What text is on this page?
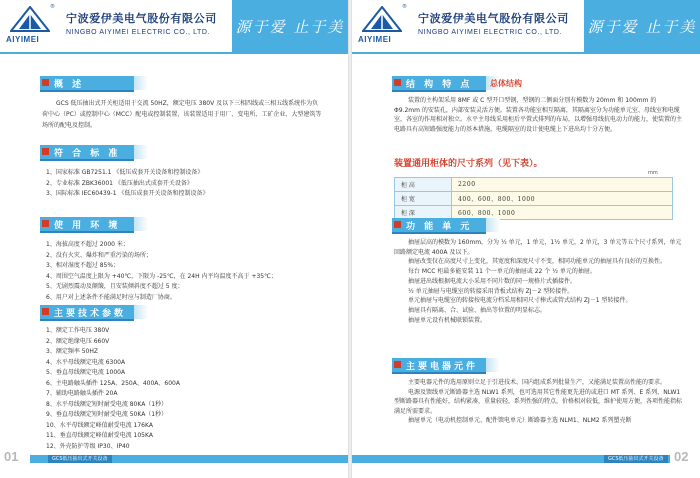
®
AIYIMEI
宁波爱伊美电气股份有限公司
NINGBO AIYIMEI ELECTRIC CO., LTD. 源于爱 止于美
概 述
GCS 低压抽出式开关柜适用于交流 50HZ，额定电压 380V 及以下三相四线或三相五线系统作为负荷中心（PC）或控制中心（MCC）配电或控制装置，该装置适用于用厂、变电所、工矿企业、大型建筑等场所的配电及控制。
符 合 标 准
1、国家标准 GB7251.1 《低压成套开关设备和控制设备》
2、专业标准 ZBK36001 《低压抽出式成套开关设备》
3、国际标准 IEC60439-1 《低压成套开关设备和控制设备》
使 用 环 境
1、海拔高度不超过 2000 米；
2、没有火灾、爆炸和严重污染的场所；
3、相对湿度不超过 85%；
4、周围空气温度上限为 +40℃，下限为 -25℃，在 24H 内平均温度不高于 +35℃；
5、无剧烈震动及颠簸，且安装倾斜度不超过 5 度；
6、用户对上述条件不能满足时应与制造厂协商。
主要技术参数
1、额定工作电压 380V
2、额定绝缘电压 660V
3、额定频率 50HZ
4、水平母线额定电流 6300A
5、垂直母线额定电流 1000A
6、主电路触头插件 125A、250A、400A、600A
7、辅助电路触头插件 20A
8、水平母线额定短时耐受电流 80KA（1秒）
9、垂直母线额定短时耐受电流 50KA（1秒）
10、水平母线额定峰值耐受电流 176KA
11、垂直母线额定峰值耐受电流 105KA
12、外壳防护等级 IP30、IP40
01	GCS低压抽出式开关设备
®
AIYIMEI
宁波爱伊美电气股份有限公司
NINGBO AIYIMEI ELECTRIC CO., LTD. 源于爱 止于美
结 构 特 点 总体结构
装置的主构架采用 8MF 或 C 型开口型钢，型钢的二侧面分别有模数为 20mm 和 100mm 的 Φ9.2mm 的安装孔，内部安装灵活方便。装置各功能室相互隔离，其隔离室分为功能单元室、母线室和电缆室，各室的作用相对独立。水平主母线采用柜后平置式排列的布局，以增强母线抗电动力的能力，使装置的主电路具有高短路强度能力的基本措施。电缆隔室的设计使电缆上下进出均十分方便。
装置通用柜体的尺寸系列（见下表）。
mm
柜 高	2200
柜 宽	400、600、800、1000
柜 深	600、800、1000
功 能 单 元
抽屉层高的模数为 160mm，分为 ½ 单元，1 单元，1½ 单元，2 单元，3 单元等五个尺寸系列，单元回路额定电流 400A 及以下。
抽屉改变仅在高度尺寸上变化，其宽度和深度尺寸不变，相同功能单元的抽屉具有良好的互换性。
每台 MCC 柜最多能安装 11 个一单元的抽屉或 22 个 ½ 单元的抽屉。
抽屉进出线根据电流大小采用不同片数的同一规格片式插接件。
½ 单元抽屉与电缆室的转接采用背板式结构 ZJ－2 型转接件。
单元抽屉与电缆室的转接按电流分档采用相同尺寸棒式或管式结构 ZJ－1 型转接件。
抽屉具有隔离、合、试验、抽出等位置的明显标志。
抽屉单元设有机械联锁装置。
主要电器元件
主要电器元件的选用原则立足于引进技术、国内组成系列批量生产，又能满足装置高性能的要求。
电源及馈线单元断路器主选 NLW1 系列，也可选用其它性能更先进的或进口 MT 系列、E 系列，NLW1 型断路器具有性能好，结构紧凑，重量较轻，系列性强的特点，价格相对较低，维护使用方便，各项性能指标满足所需要求。
抽屉单元（电动机控制单元、配件馈电单元）断路器主选 NLM1、NLM2 系列塑壳断
GCS低压抽出式开关设备 02
